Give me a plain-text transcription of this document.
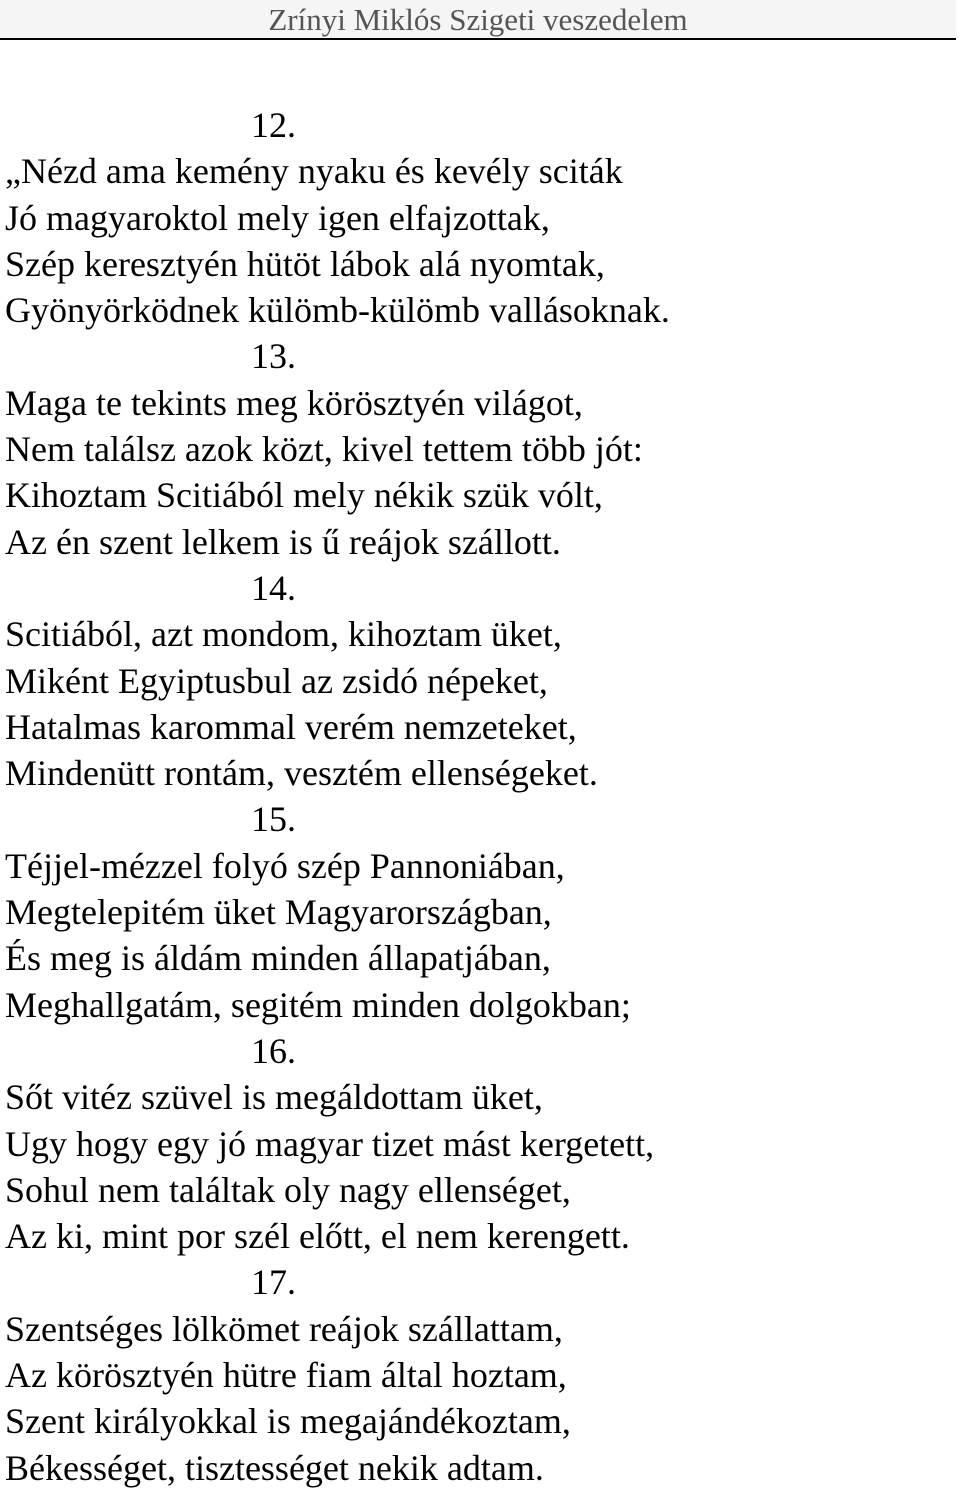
Zrínyi Miklós Szigeti veszedelem
12.
„Nézd ama kemény nyaku és kevély sciták
Jó magyaroktol mely igen elfajzottak,
Szép keresztyén hütöt lábok alá nyomtak,
Gyönyörködnek külömb-külömb vallásoknak.
13.
Maga te tekints meg körösztyén világot,
Nem találsz azok közt, kivel tettem több jót:
Kihoztam Scitiából mely nékik szük vólt,
Az én szent lelkem is ű reájok szállott.
14.
Scitiából, azt mondom, kihoztam üket,
Miként Egyiptusbul az zsidó népeket,
Hatalmas karommal verém nemzeteket,
Mindenütt rontám, vesztém ellenségeket.
15.
Téjjel-mézzel folyó szép Pannoniában,
Megtelepitém üket Magyarországban,
És meg is áldám minden állapatjában,
Meghallgatám, segitém minden dolgokban;
16.
Sőt vitéz szüvel is megáldottam üket,
Ugy hogy egy jó magyar tizet mást kergetett,
Sohul nem találtak oly nagy ellenséget,
Az ki, mint por szél előtt, el nem kerengett.
17.
Szentséges lölkömet reájok szállattam,
Az körösztyén hütre fiam által hoztam,
Szent királyokkal is megajándékoztam,
Békességet, tisztességet nekik adtam.
